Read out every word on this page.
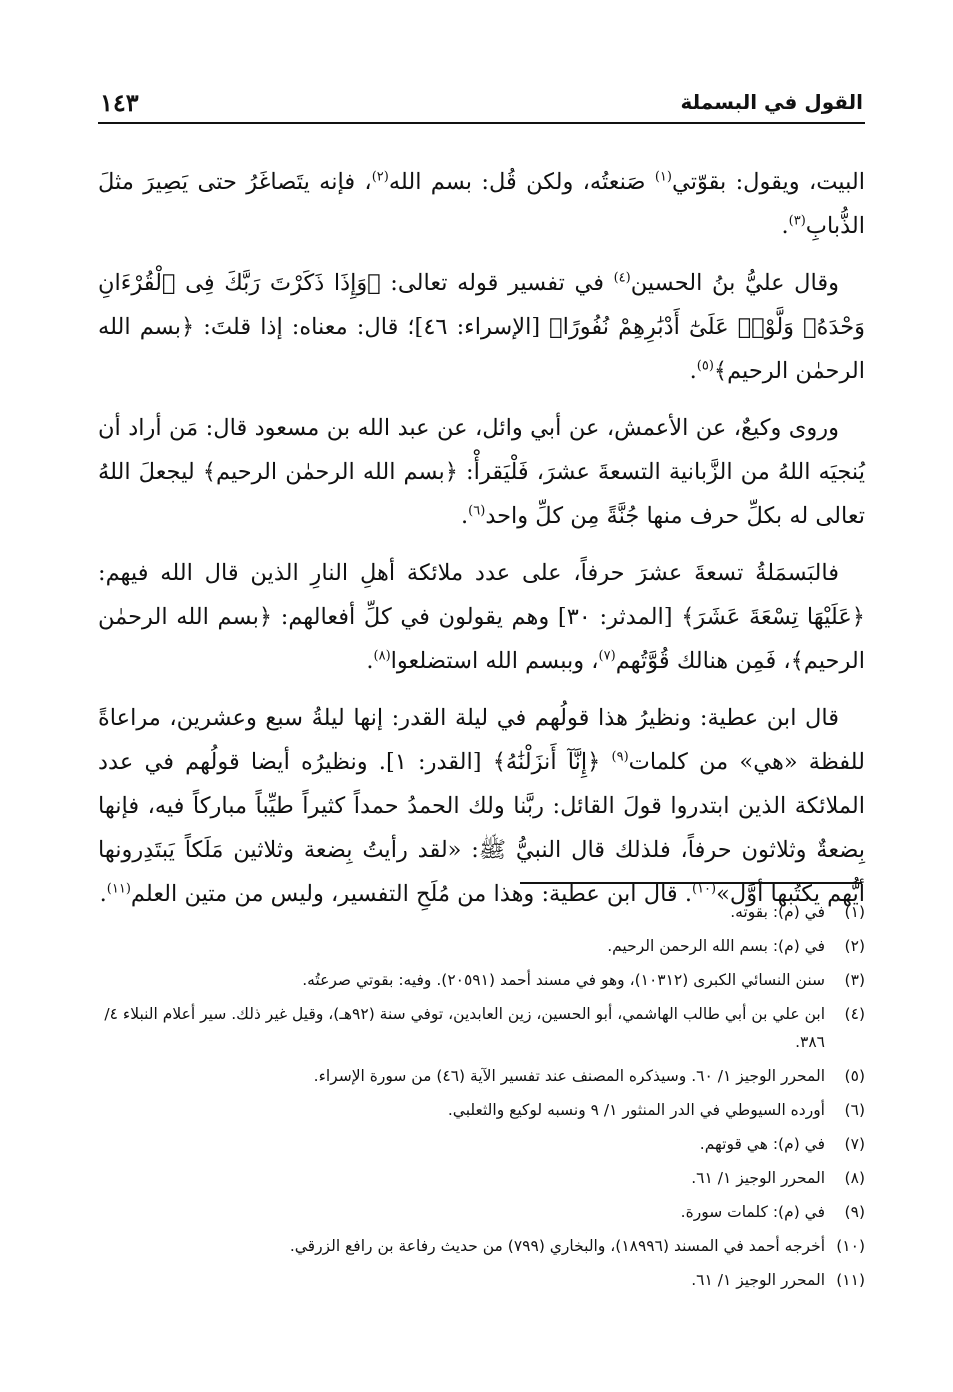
القول في البسملة
١٤٣

البيت، ويقول: بقوّتي$^{(١)}$ صَنعتُه، ولكن قُل: بسم الله$^{(٢)}$، فإنه يتَصاغَرُ حتى يَصِيرَ مثلَ الذُّبابِ$^{(٣)}$.

وقال عليُّ بنُ الحسين$^{(٤)}$ في تفسير قوله تعالى: ﴿وَإِذَا ذَكَرْتَ رَبَّكَ فِى ٱلْقُرْءَانِ وَحْدَهُۥ وَلَّوْا۟ عَلَىٰٓ أَدْبَٰرِهِمْ نُفُورًا﴾ [الإسراء: ٤٦]؛ قال: معناه: إذا قلتَ: ﴿بسم الله الرحمٰن الرحيم﴾$^{(٥)}$.

وروى وكيعٌ، عن الأعمش، عن أبي وائل، عن عبد الله بن مسعود قال: مَن أراد أن يُنجيَه اللهُ من الزَّبانية التسعةَ عشرَ، فَلْيَقرأْ: ﴿بسم الله الرحمٰن الرحيم﴾ ليجعلَ اللهُ تعالى له بكلِّ حرف منها جُنَّةً مِن كلِّ واحد$^{(٦)}$.

فالبَسمَلةُ تسعةَ عشرَ حرفاً، على عدد ملائكة أهلِ النارِ الذين قال الله فيهم: ﴿عَلَيْهَا تِسْعَةَ عَشَرَ﴾ [المدثر: ٣٠] وهم يقولون في كلِّ أفعالهم: ﴿بسم الله الرحمٰن الرحيم﴾، فَمِن هنالك قُوَّتُهم$^{(٧)}$، وببسم الله استضلعوا$^{(٨)}$.

قال ابن عطية: ونظيرُ هذا قولُهم في ليلة القدر: إنها ليلةُ سبع وعشرين، مراعاةً للفظة «هي» من كلمات$^{(٩)}$ ﴿إِنَّآ أَنزَلْنَٰهُ﴾ [القدر: ١]. ونظيرُه أيضا قولُهم في عدد الملائكة الذين ابتدروا قولَ القائل: ربَّنا ولك الحمدُ حمداً كثيراً طيِّباً مباركاً فيه، فإنها بِضعةٌ وثلاثون حرفاً، فلذلك قال النبيُّ ﷺ: «لقد رأيتُ بِضعة وثلاثين مَلَكاً يَبتَدِرونها أيُّهم يكتُبها أوَّل»$^{(١٠)}$. قال ابن عطية: وهذا من مُلَحِ التفسير، وليس من متين العلم$^{(١١)}$.

(١)
في (م): بقوته.
(٢)
في (م): بسم الله الرحمن الرحيم.
(٣)
سنن النسائي الكبرى (١٠٣١٢)، وهو في مسند أحمد (٢٠٥٩١). وفيه: بقوتي صرعتُه.
(٤)
ابن علي بن أبي طالب الهاشمي، أبو الحسين، زين العابدين، توفي سنة (٩٢هـ)، وقيل غير ذلك. سير أعلام النبلاء ٤/ ٣٨٦.
(٥)
المحرر الوجيز ١/ ٦٠. وسيذكره المصنف عند تفسير الآية (٤٦) من سورة الإسراء.
(٦)
أورده السيوطي في الدر المنثور ١/ ٩ ونسبه لوكيع والثعلبي.
(٧)
في (م): هي قوتهم.
(٨)
المحرر الوجيز ١/ ٦١.
(٩)
في (م): كلمات سورة.
(١٠)
أخرجه أحمد في المسند (١٨٩٩٦)، والبخاري (٧٩٩) من حديث رفاعة بن رافع الزرقي.
(١١)
المحرر الوجيز ١/ ٦١.
